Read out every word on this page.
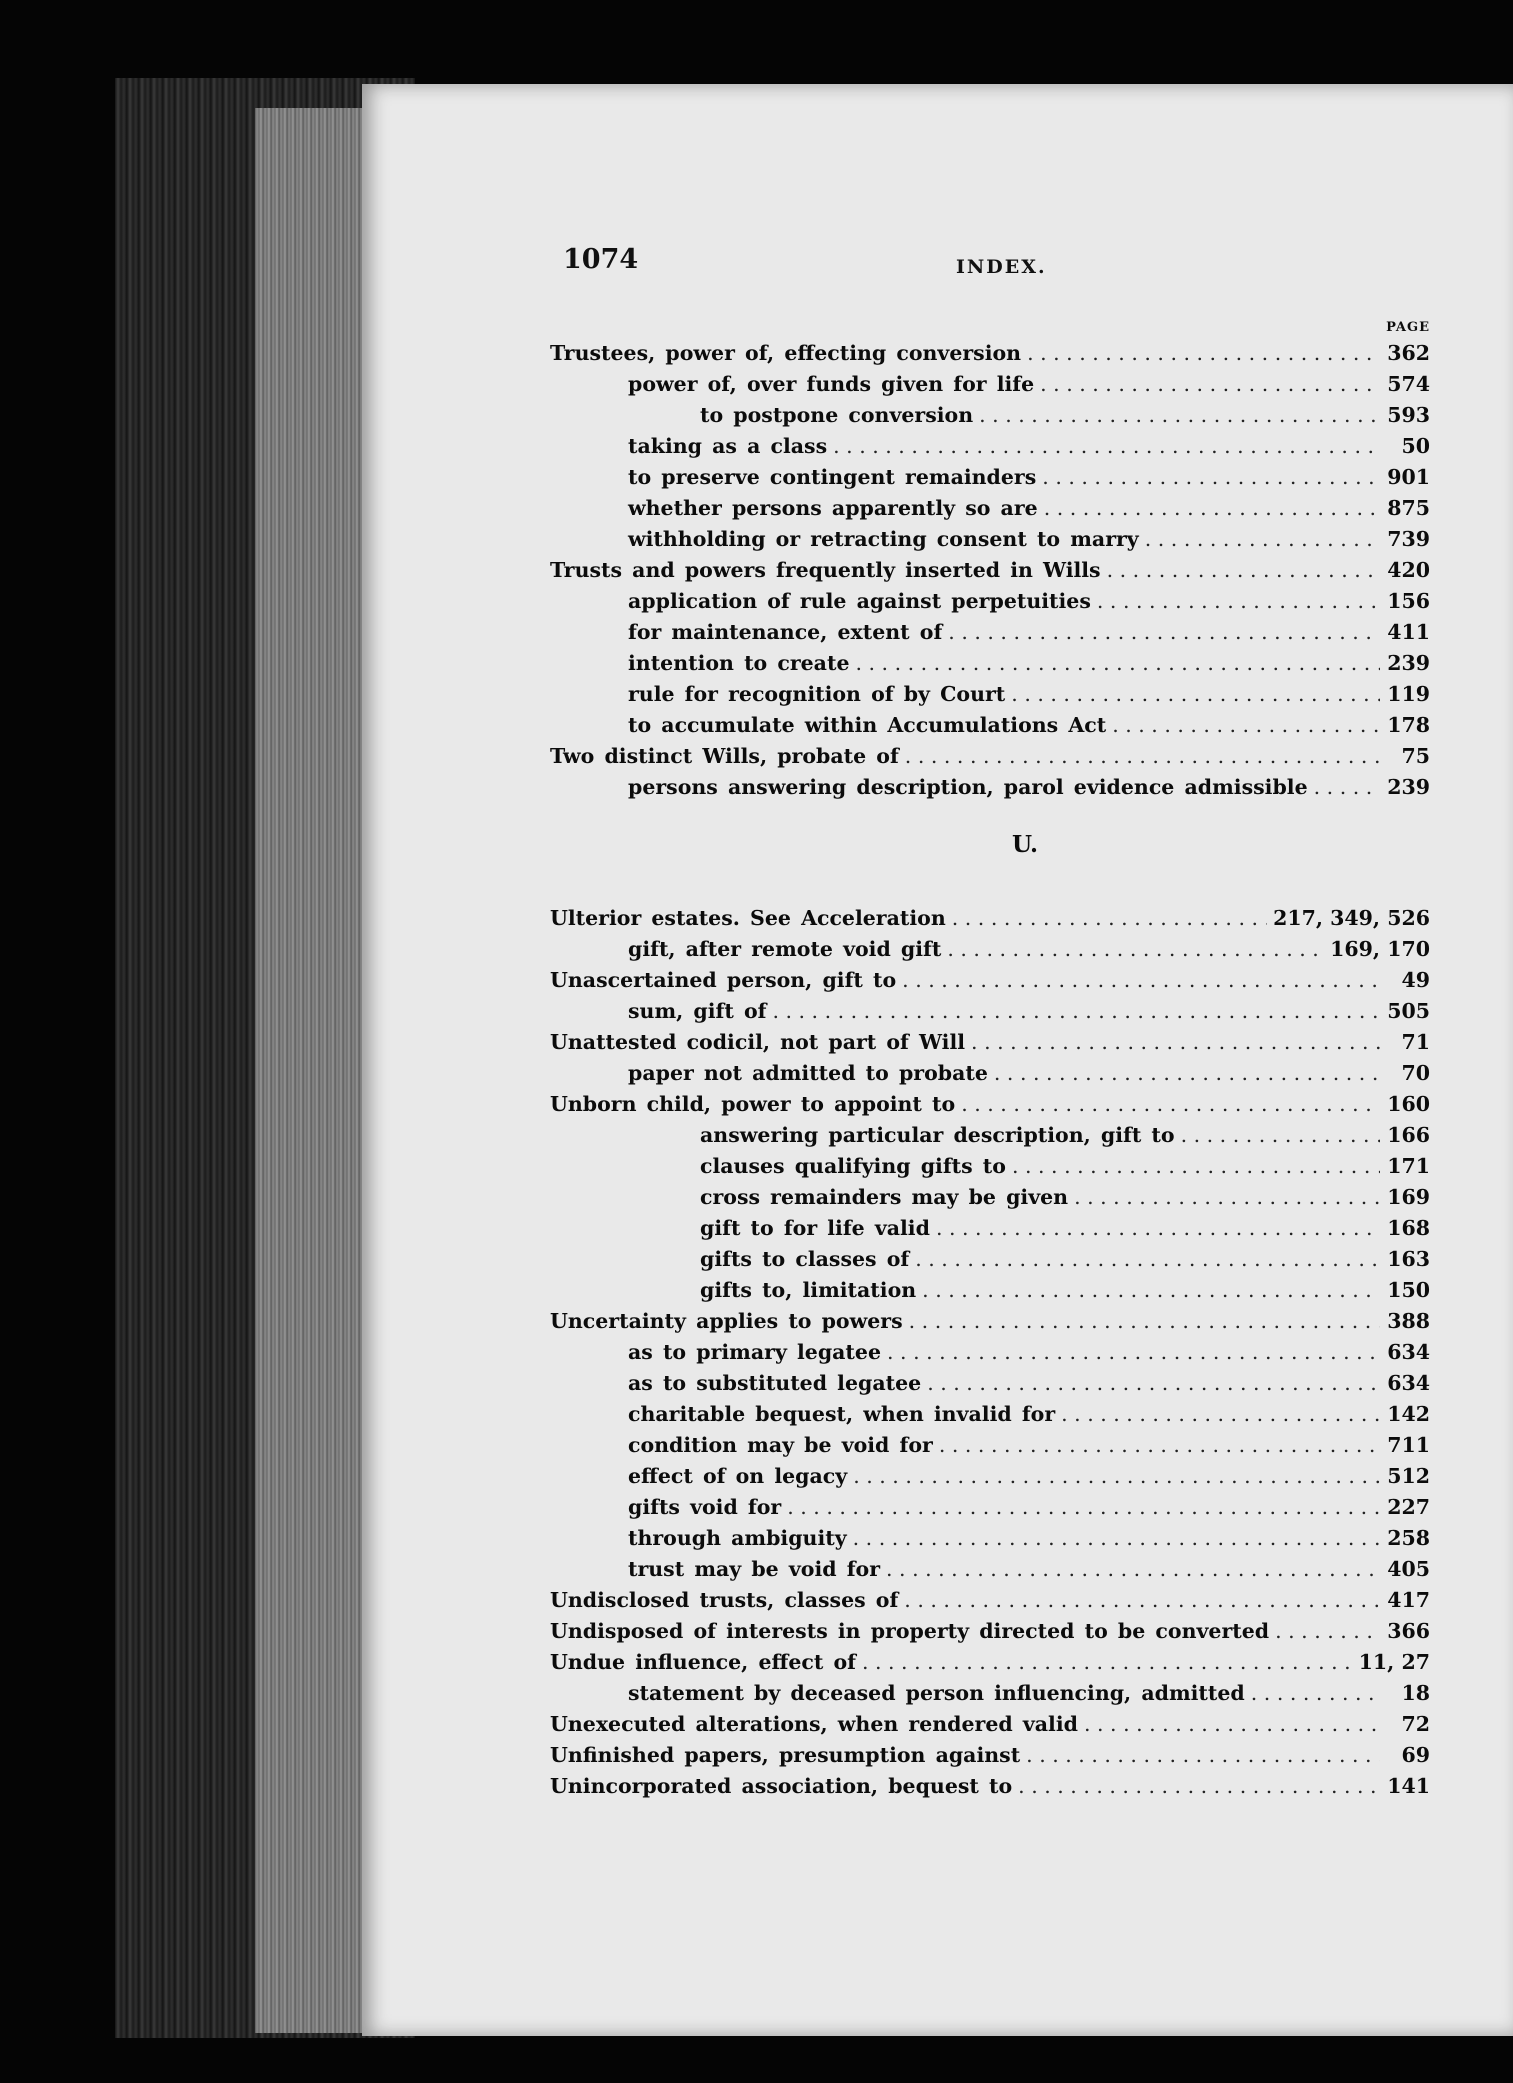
1074	INDEX.
PAGE
Trustees, power of, effecting conversion . . .	362
power of, over funds given for life . . .	574
to postpone conversion . . .	593
taking as a class . . .	50
to preserve contingent remainders . . .	901
whether persons apparently so are . . .	875
withholding or retracting consent to marry . . .	739
Trusts and powers frequently inserted in Wills . . .	420
application of rule against perpetuities . . .	156
for maintenance, extent of . . .	411
intention to create . . .	239
rule for recognition of by Court . . .	119
to accumulate within Accumulations Act . . .	178
Two distinct Wills, probate of . . .	75
persons answering description, parol evidence admissible . . .	239
U.
Ulterior estates. See Acceleration . . .	217, 349, 526
gift, after remote void gift . . .	169, 170
Unascertained person, gift to . . .	49
sum, gift of . . .	505
Unattested codicil, not part of Will . . .	71
paper not admitted to probate . . .	70
Unborn child, power to appoint to . . .	160
answering particular description, gift to . . .	166
clauses qualifying gifts to . . .	171
cross remainders may be given . . .	169
gift to for life valid . . .	168
gifts to classes of . . .	163
gifts to, limitation . . .	150
Uncertainty applies to powers . . .	388
as to primary legatee . . .	634
as to substituted legatee . . .	634
charitable bequest, when invalid for . . .	142
condition may be void for . . .	711
effect of on legacy . . .	512
gifts void for . . .	227
through ambiguity . . .	258
trust may be void for . . .	405
Undisclosed trusts, classes of . . .	417
Undisposed of interests in property directed to be converted . . .	366
Undue influence, effect of . . .	11, 27
statement by deceased person influencing, admitted . . .	18
Unexecuted alterations, when rendered valid . . .	72
Unfinished papers, presumption against . . .	69
Unincorporated association, bequest to . . .	141
